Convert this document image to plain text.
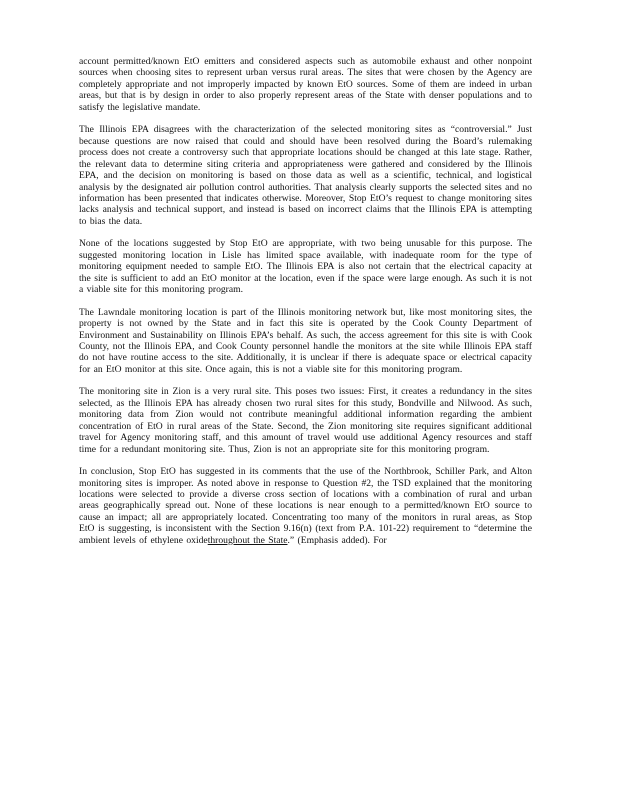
account permitted/known EtO emitters and considered aspects such as automobile exhaust and other nonpoint sources when choosing sites to represent urban versus rural areas. The sites that were chosen by the Agency are completely appropriate and not improperly impacted by known EtO sources. Some of them are indeed in urban areas, but that is by design in order to also properly represent areas of the State with denser populations and to satisfy the legislative mandate.

The Illinois EPA disagrees with the characterization of the selected monitoring sites as “controversial.” Just because questions are now raised that could and should have been resolved during the Board’s rulemaking process does not create a controversy such that appropriate locations should be changed at this late stage. Rather, the relevant data to determine siting criteria and appropriateness were gathered and considered by the Illinois EPA, and the decision on monitoring is based on those data as well as a scientific, technical, and logistical analysis by the designated air pollution control authorities. That analysis clearly supports the selected sites and no information has been presented that indicates otherwise. Moreover, Stop EtO’s request to change monitoring sites lacks analysis and technical support, and instead is based on incorrect claims that the Illinois EPA is attempting to bias the data.

None of the locations suggested by Stop EtO are appropriate, with two being unusable for this purpose. The suggested monitoring location in Lisle has limited space available, with inadequate room for the type of monitoring equipment needed to sample EtO. The Illinois EPA is also not certain that the electrical capacity at the site is sufficient to add an EtO monitor at the location, even if the space were large enough. As such it is not a viable site for this monitoring program.

The Lawndale monitoring location is part of the Illinois monitoring network but, like most monitoring sites, the property is not owned by the State and in fact this site is operated by the Cook County Department of Environment and Sustainability on Illinois EPA’s behalf. As such, the access agreement for this site is with Cook County, not the Illinois EPA, and Cook County personnel handle the monitors at the site while Illinois EPA staff do not have routine access to the site. Additionally, it is unclear if there is adequate space or electrical capacity for an EtO monitor at this site. Once again, this is not a viable site for this monitoring program.

The monitoring site in Zion is a very rural site. This poses two issues: First, it creates a redundancy in the sites selected, as the Illinois EPA has already chosen two rural sites for this study, Bondville and Nilwood. As such, monitoring data from Zion would not contribute meaningful additional information regarding the ambient concentration of EtO in rural areas of the State. Second, the Zion monitoring site requires significant additional travel for Agency monitoring staff, and this amount of travel would use additional Agency resources and staff time for a redundant monitoring site. Thus, Zion is not an appropriate site for this monitoring program.

In conclusion, Stop EtO has suggested in its comments that the use of the Northbrook, Schiller Park, and Alton monitoring sites is improper. As noted above in response to Question #2, the TSD explained that the monitoring locations were selected to provide a diverse cross section of locations with a combination of rural and urban areas geographically spread out. None of these locations is near enough to a permitted/known EtO source to cause an impact; all are appropriately located. Concentrating too many of the monitors in rural areas, as Stop EtO is suggesting, is inconsistent with the Section 9.16(n) (text from P.A. 101-22) requirement to “determine the ambient levels of ethylene oxidethroughout the State.” (Emphasis added). For
